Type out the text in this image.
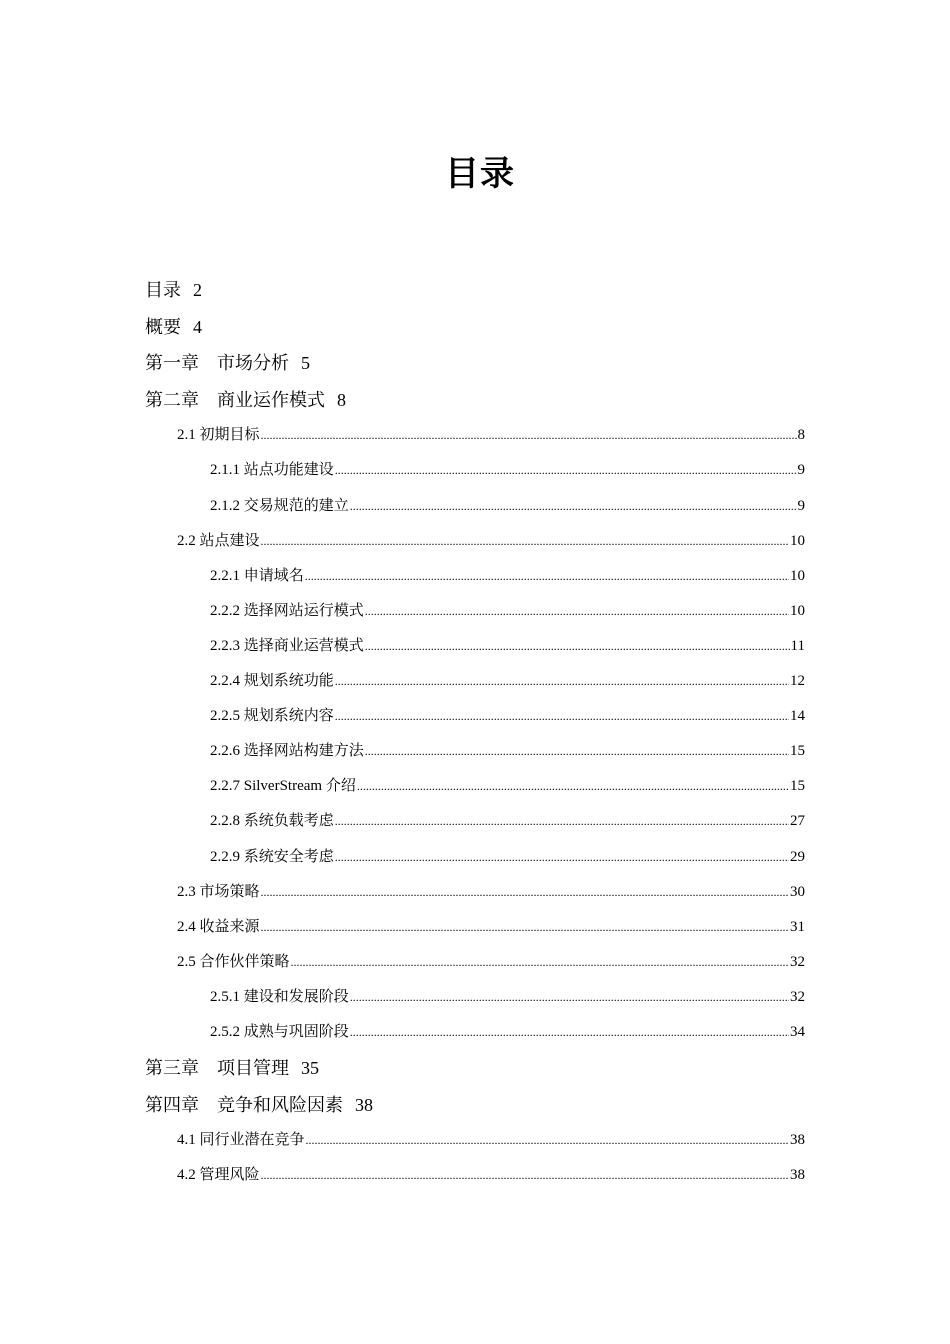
目录
目录 2
概要 4
第一章　市场分析 5
第二章　商业运作模式 8
2.1 初期目标 .....	8
2.1.1 站点功能建设 .....	9
2.1.2 交易规范的建立 .....	9
2.2 站点建设 .....	10
2.2.1 申请域名 .....	10
2.2.2 选择网站运行模式 .....	10
2.2.3 选择商业运营模式 .....	11
2.2.4 规划系统功能 .....	12
2.2.5 规划系统内容 .....	14
2.2.6 选择网站构建方法 .....	15
2.2.7 SilverStream 介绍 .....	15
2.2.8 系统负载考虑 .....	27
2.2.9 系统安全考虑 .....	29
2.3 市场策略 .....	30
2.4 收益来源 .....	31
2.5 合作伙伴策略 .....	32
2.5.1 建设和发展阶段 .....	32
2.5.2 成熟与巩固阶段 .....	34
第三章　项目管理 35
第四章　竞争和风险因素 38
4.1 同行业潜在竞争 .....	38
4.2 管理风险 .....	38
